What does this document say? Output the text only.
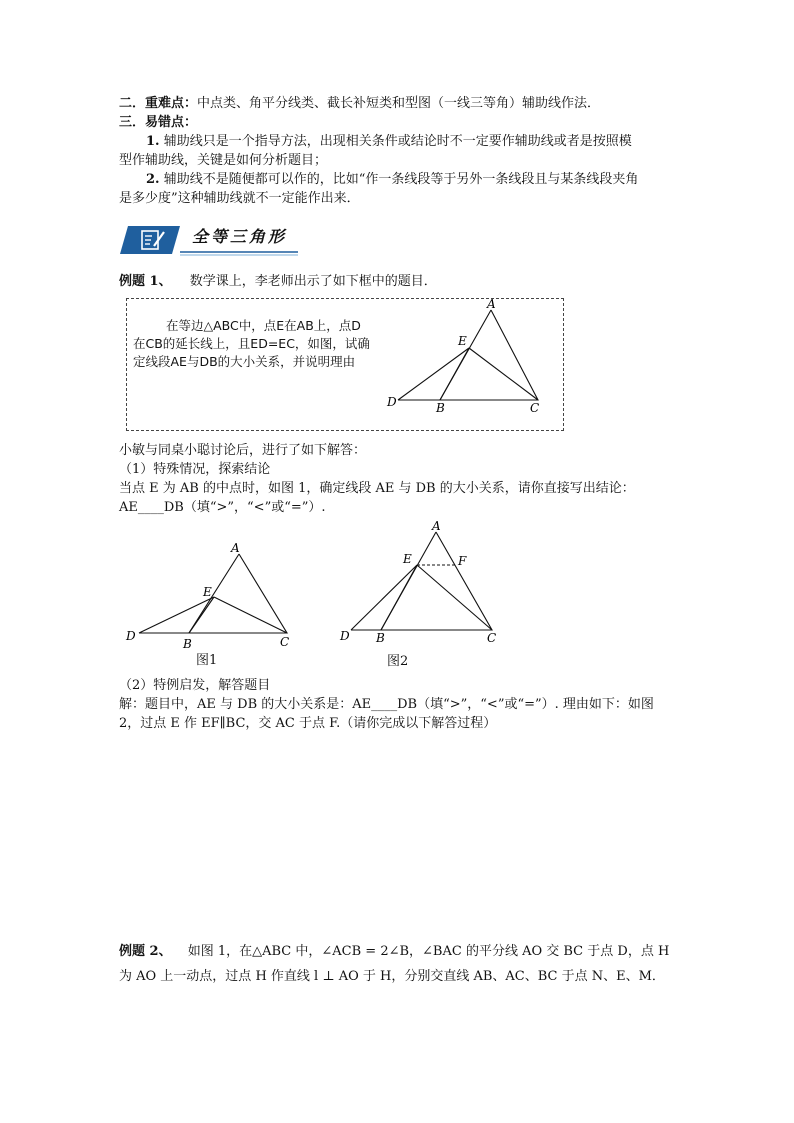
二．重难点：中点类、角平分线类、截长补短类和型图（一线三等角）辅助线作法．
三．易错点：
1. 辅助线只是一个指导方法，出现相关条件或结论时不一定要作辅助线或者是按照模
型作辅助线，关键是如何分析题目；
2. 辅助线不是随便都可以作的，比如“作一条线段等于另外一条线段且与某条线段夹角
是多少度”这种辅助线就不一定能作出来．
全等三角形
例题 1、 数学课上，李老师出示了如下框中的题目．
在等边△ABC中，点E在AB上，点D
在CB的延长线上，且ED=EC，如图，试确
定线段AE与DB的大小关系，并说明理由
A
E
D	B	C
小敏与同桌小聪讨论后，进行了如下解答：
（1）特殊情况，探索结论
当点 E 为 AB 的中点时，如图 1，确定线段 AE 与 DB 的大小关系，请你直接写出结论：
AE____DB（填“>”，“<”或“=”）.
A
E
D
B	C
图1
A
E	F
D B	C
图2
（2）特例启发，解答题目
解：题目中，AE 与 DB 的大小关系是：AE____DB（填“>”，“<”或“=”）. 理由如下：如图
2，过点 E 作 EF∥BC，交 AC 于点 F.（请你完成以下解答过程）
例题 2、 如图 1，在△ABC 中，∠ACB = 2∠B，∠BAC 的平分线 AO 交 BC 于点 D，点 H
为 AO 上一动点，过点 H 作直线 l ⊥ AO 于 H，分别交直线 AB、AC、BC 于点 N、E、M．
